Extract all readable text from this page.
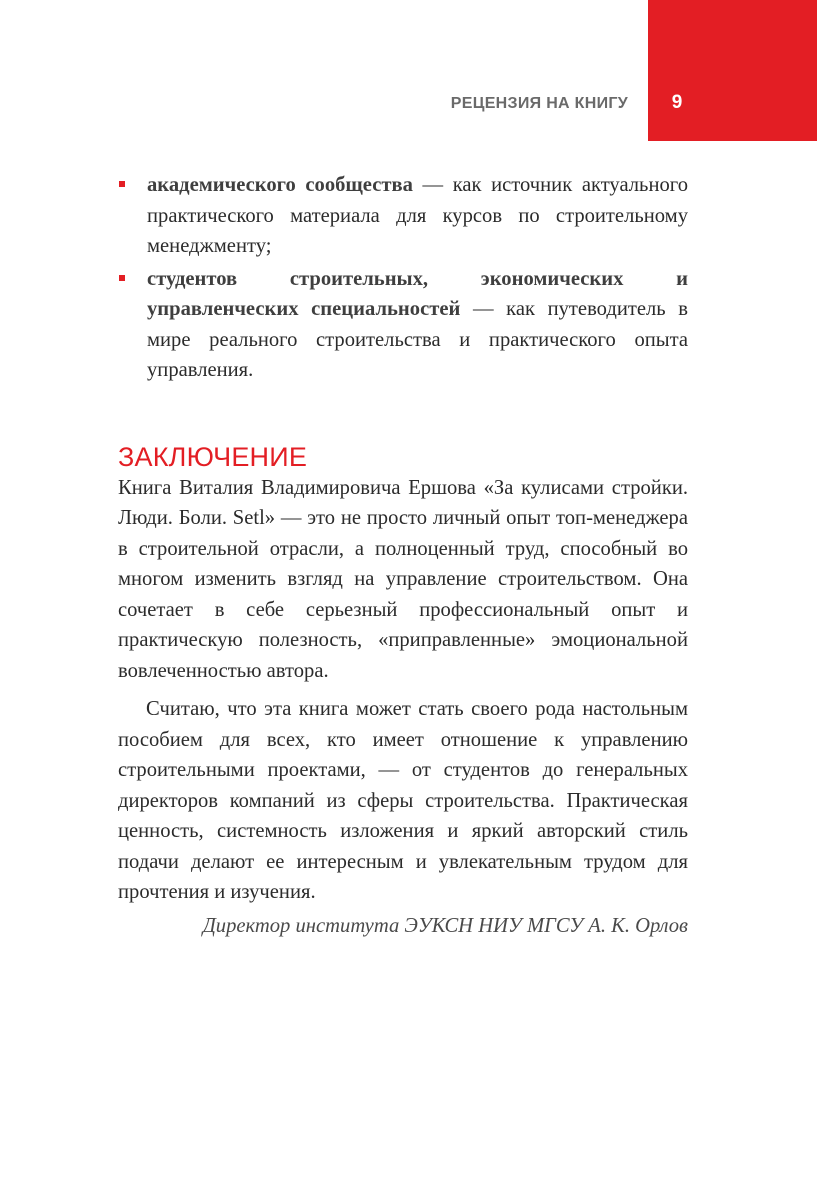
9
РЕЦЕНЗИЯ НА КНИГУ
академического сообщества — как источник актуального практического материала для курсов по строительному менеджменту;
студентов строительных, экономических и управленческих специальностей — как путеводитель в мире реального строительства и практического опыта управления.
ЗАКЛЮЧЕНИЕ

Книга Виталия Владимировича Ершова «За кулисами стройки. Люди. Боли. Setl» — это не просто личный опыт топ-менеджера в строительной отрасли, а полноценный труд, способный во многом изменить взгляд на управление строительством. Она сочетает в себе серьезный профессиональный опыт и практическую полезность, «приправленные» эмоциональной вовлеченностью автора.

Считаю, что эта книга может стать своего рода настольным пособием для всех, кто имеет отношение к управлению строительными проектами, — от студентов до генеральных директоров компаний из сферы строительства. Практическая ценность, системность изложения и яркий авторский стиль подачи делают ее интересным и увлекательным трудом для прочтения и изучения.

Директор института ЭУКСН НИУ МГСУ А. К. Орлов
